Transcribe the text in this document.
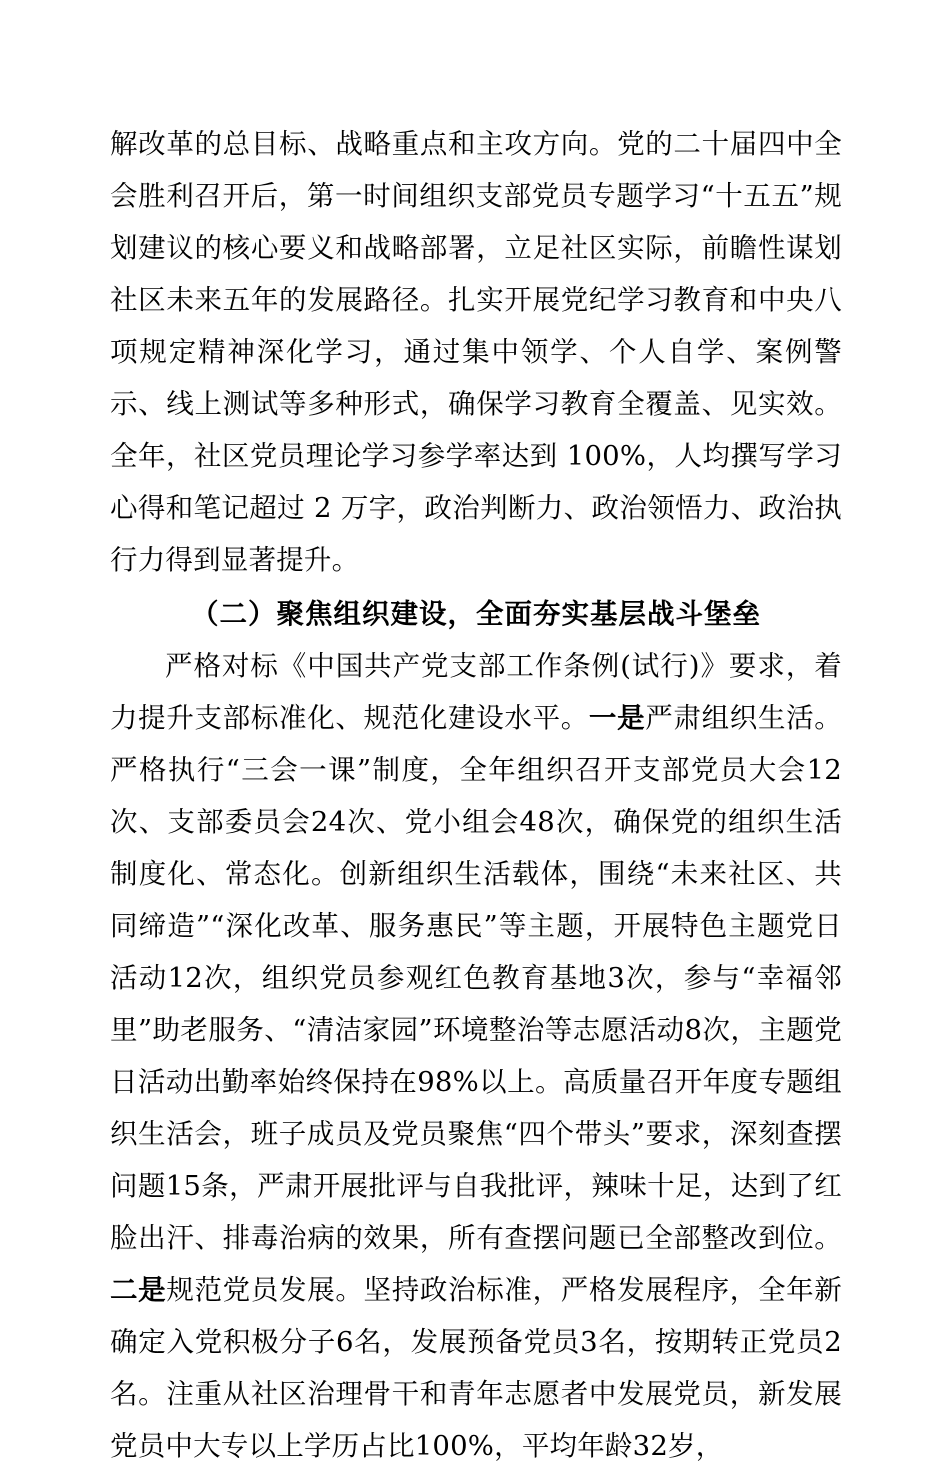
解改革的总目标、战略重点和主攻方向。党的二十届四中全会胜利召开后，第一时间组织支部党员专题学习“十五五”规划建议的核心要义和战略部署，立足社区实际，前瞻性谋划社区未来五年的发展路径。扎实开展党纪学习教育和中央八项规定精神深化学习，通过集中领学、个人自学、案例警示、线上测试等多种形式，确保学习教育全覆盖、见实效。全年，社区党员理论学习参学率达到 100%，人均撰写学习心得和笔记超过 2 万字，政治判断力、政治领悟力、政治执行力得到显著提升。

（二）聚焦组织建设，全面夯实基层战斗堡垒

严格对标《中国共产党支部工作条例(试行)》要求，着力提升支部标准化、规范化建设水平。一是严肃组织生活。严格执行“三会一课”制度，全年组织召开支部党员大会12次、支部委员会24次、党小组会48次，确保党的组织生活制度化、常态化。创新组织生活载体，围绕“未来社区、共同缔造”“深化改革、服务惠民”等主题，开展特色主题党日活动12次，组织党员参观红色教育基地3次，参与“幸福邻里”助老服务、“清洁家园”环境整治等志愿活动8次，主题党日活动出勤率始终保持在98%以上。高质量召开年度专题组织生活会，班子成员及党员聚焦“四个带头”要求，深刻查摆问题15条，严肃开展批评与自我批评，辣味十足，达到了红脸出汗、排毒治病的效果，所有查摆问题已全部整改到位。二是规范党员发展。坚持政治标准，严格发展程序，全年新确定入党积极分子6名，发展预备党员3名，按期转正党员2名。注重从社区治理骨干和青年志愿者中发展党员，新发展党员中大专以上学历占比100%，平均年龄32岁，
